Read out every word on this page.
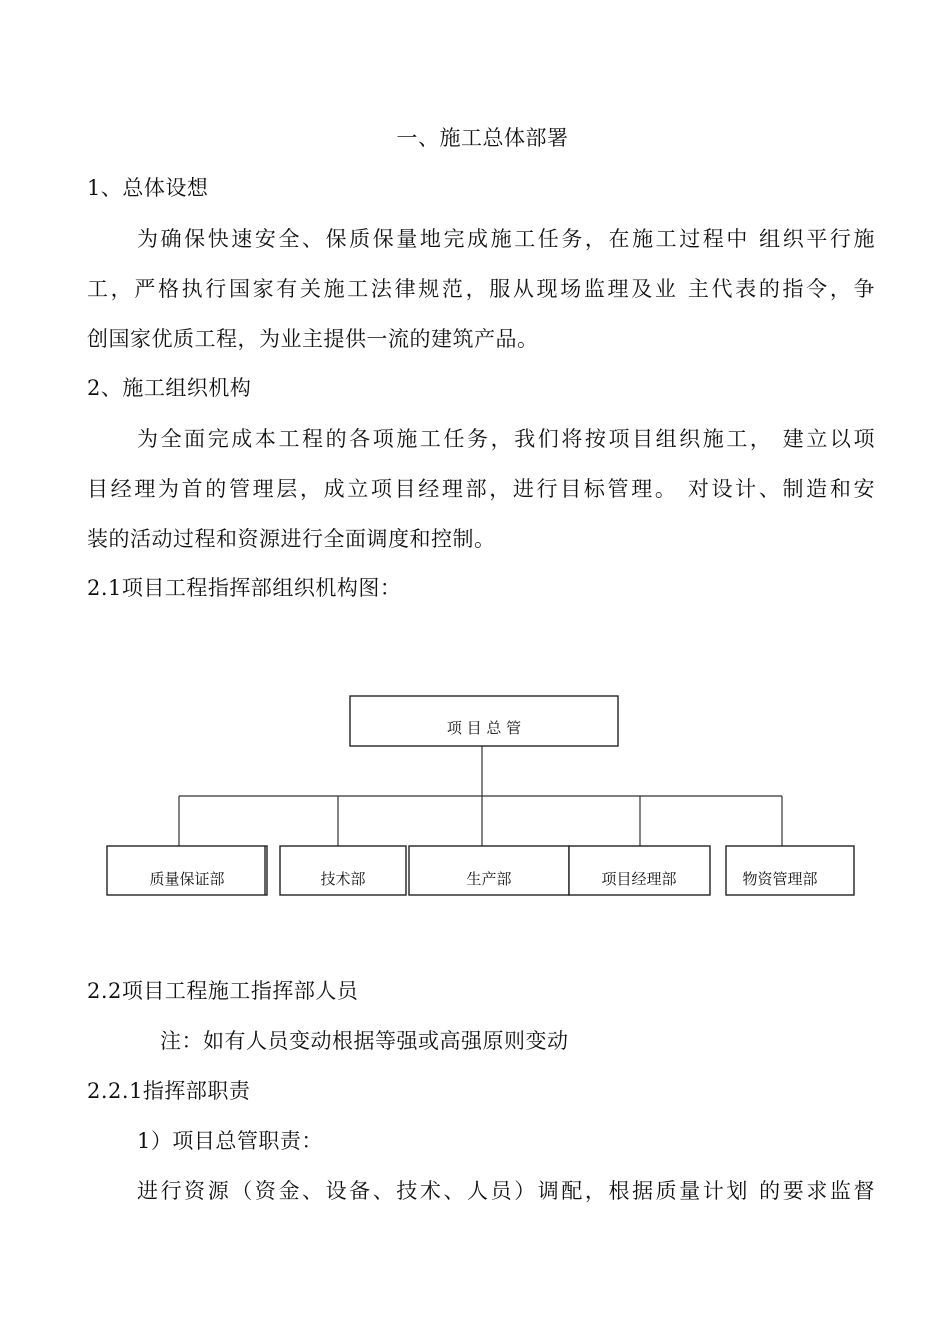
一、施工总体部署
1、总体设想
为确保快速安全、保质保量地完成施工任务，在施工过程中 组织平行施
工，严格执行国家有关施工法律规范，服从现场监理及业 主代表的指令，争
创国家优质工程，为业主提供一流的建筑产品。
2、施工组织机构
为全面完成本工程的各项施工任务，我们将按项目组织施工， 建立以项
目经理为首的管理层，成立项目经理部，进行目标管理。 对设计、制造和安
装的活动过程和资源进行全面调度和控制。
2.1项目工程指挥部组织机构图：
项 目 总 管
质量保证部	技术部	生产部	项目经理部	物资管理部
2.2项目工程施工指挥部人员
注：如有人员变动根据等强或高强原则变动
2.2.1指挥部职责
1）项目总管职责：
进行资源（资金、设备、技术、人员）调配，根据质量计划 的要求监督
